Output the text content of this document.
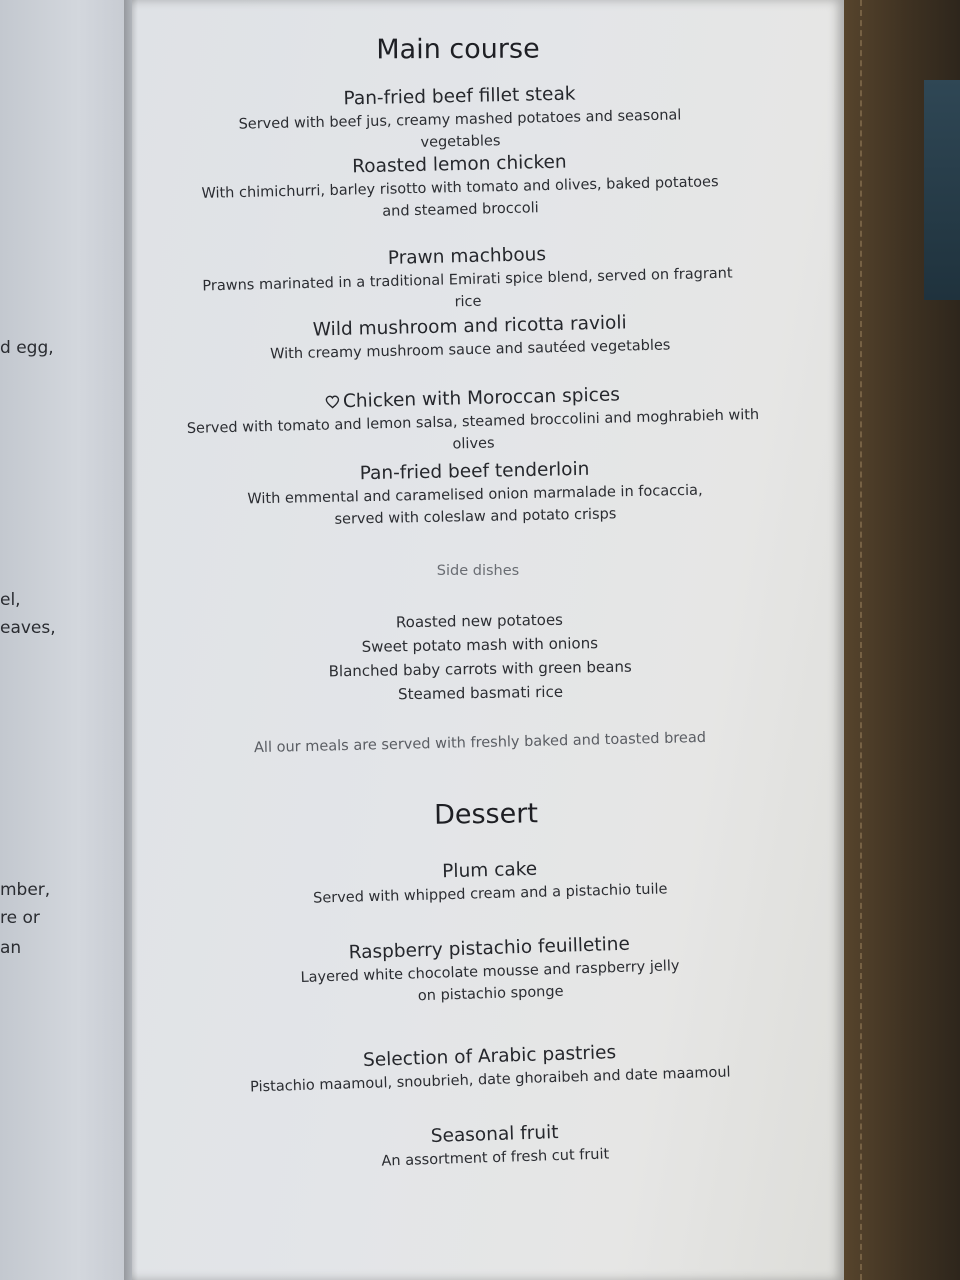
d egg,

el,

eaves,

mber,

re or

an

Main course

Pan-fried beef fillet steak

Served with beef jus, creamy mashed potatoes and seasonal vegetables

Roasted lemon chicken

With chimichurri, barley risotto with tomato and olives, baked potatoes

and steamed broccoli

Prawn machbous

Prawns marinated in a traditional Emirati spice blend, served on fragrant rice

Wild mushroom and ricotta ravioli

With creamy mushroom sauce and sautéed vegetables

Chicken with Moroccan spices

Served with tomato and lemon salsa, steamed broccolini and moghrabieh with olives

Pan-fried beef tenderloin

With emmental and caramelised onion marmalade in focaccia,

served with coleslaw and potato crisps

Side dishes

Roasted new potatoes

Sweet potato mash with onions

Blanched baby carrots with green beans

Steamed basmati rice

All our meals are served with freshly baked and toasted bread

Dessert

Plum cake

Served with whipped cream and a pistachio tuile

Raspberry pistachio feuilletine

Layered white chocolate mousse and raspberry jelly

on pistachio sponge

Selection of Arabic pastries

Pistachio maamoul, snoubrieh, date ghoraibeh and date maamoul

Seasonal fruit

An assortment of fresh cut fruit
